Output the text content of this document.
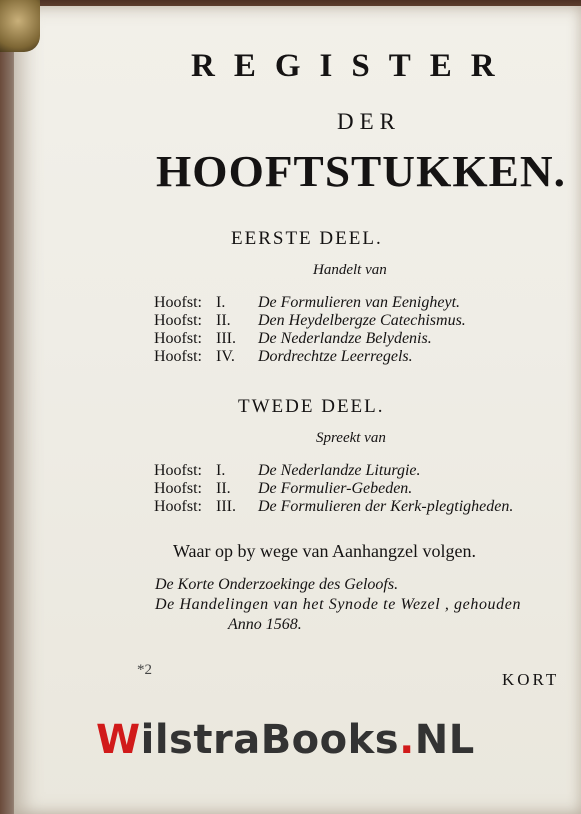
REGISTER
DER
HOOFTSTUKKEN.
EERSTE DEEL.
Handelt van
Hoofst: I. De Formulieren van Eenigheyt.
Hoofst: II. Den Heydelbergze Catechismus.
Hoofst: III. De Nederlandze Belydenis.
Hoofst: IV. Dordrechtze Leerregels.
TWEDE DEEL.
Spreekt van
Hoofst: I. De Nederlandze Liturgie.
Hoofst: II. De Formulier-Gebeden.
Hoofst: III. De Formulieren der Kerk-plegtigheden.
Waar op by wege van Aanhangzel volgen.
De Korte Onderzoekinge des Geloofs.
De Handelingen van het Synode te Wezel , gehouden
Anno 1568.
*2	KORT
WilstraBooks.NL
